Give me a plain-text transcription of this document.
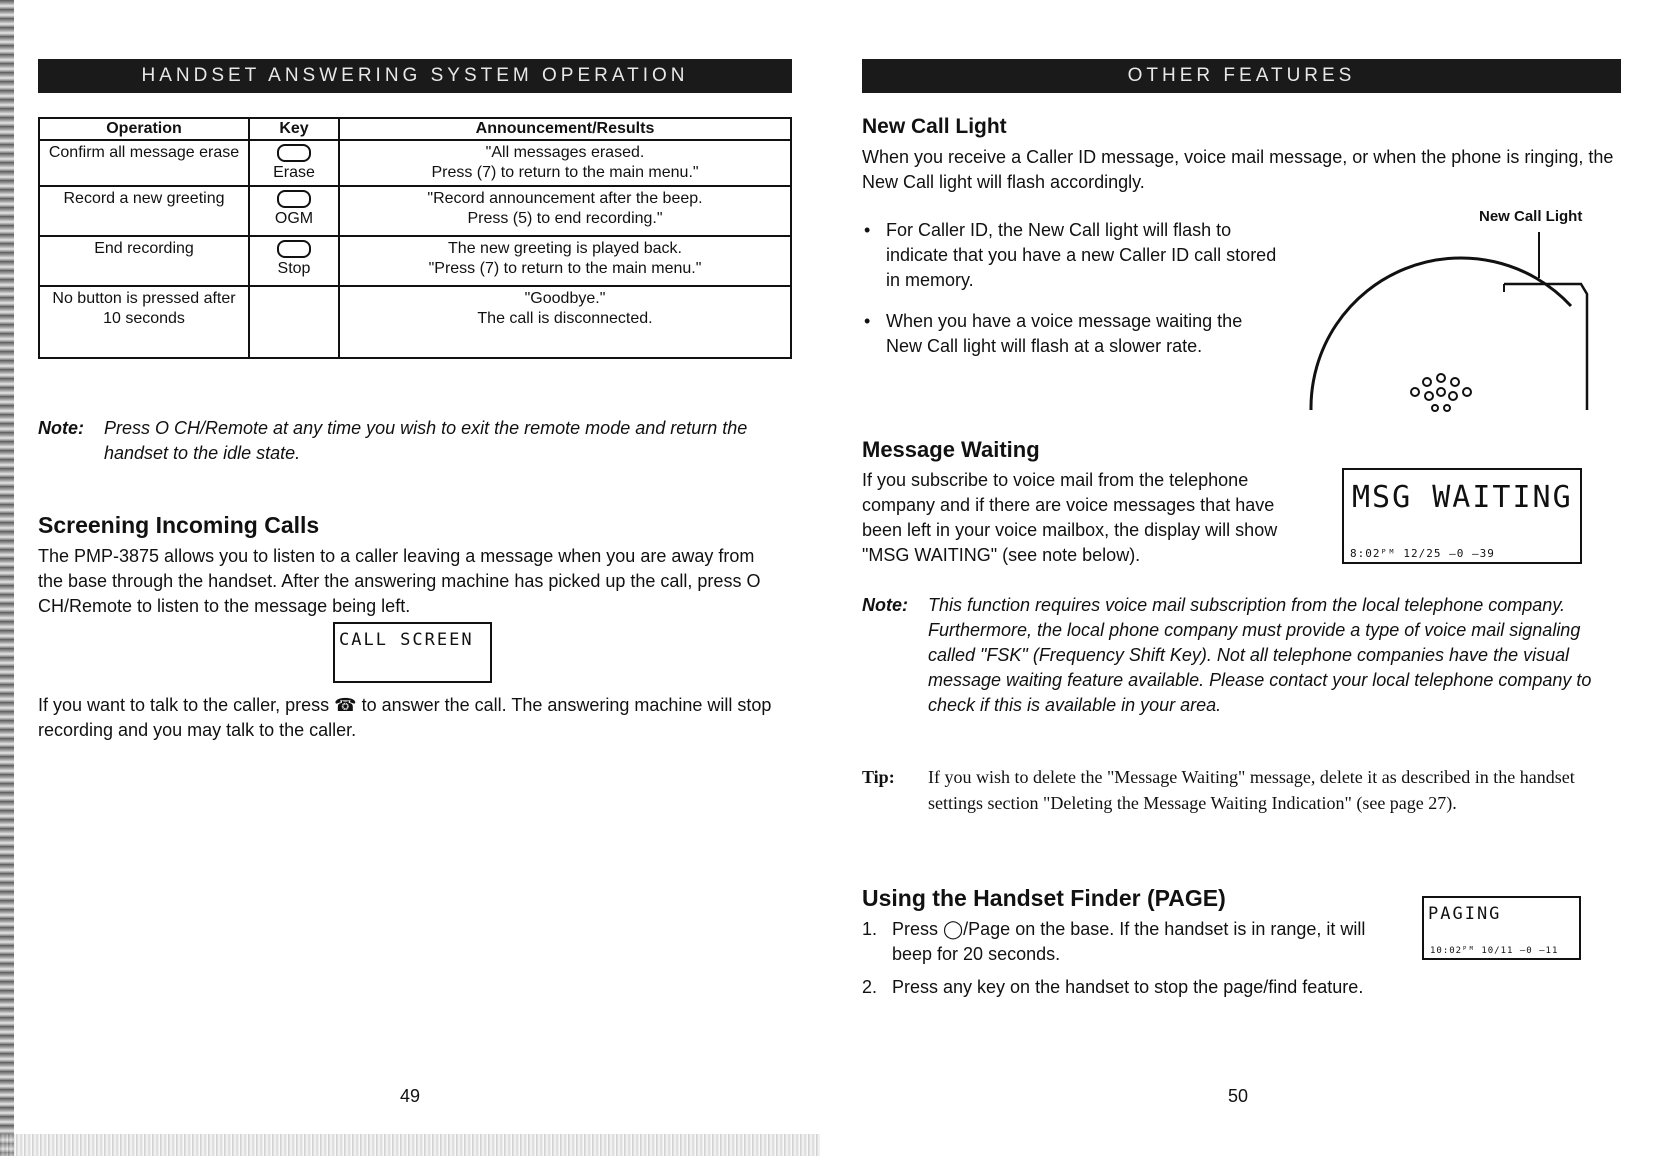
HANDSET ANSWERING SYSTEM OPERATION
Operation	Key	Announcement/Results
Confirm all message erase	Erase	"All messages erased.
Press (7) to return to the main menu."

Record a new greeting	OGM	"Record announcement after the beep.
Press (5) to end recording."

End recording	Stop	The new greeting is played back.
"Press (7) to return to the main menu."

No button is pressed after 10 seconds		"Goodbye."
The call is disconnected.
Note: Press O CH/Remote at any time you wish to exit the remote mode and return the handset to the idle state.
Screening Incoming Calls
The PMP-3875 allows you to listen to a caller leaving a message when you are away from the base through the handset. After the answering machine has picked up the call, press O CH/Remote to listen to the message being left.
CALL SCREEN
If you want to talk to the caller, press ☎ to answer the call. The answering machine will stop recording and you may talk to the caller.
49
OTHER FEATURES
New Call Light
When you receive a Caller ID message, voice mail message, or when the phone is ringing, the New Call light will flash accordingly.
• For Caller ID, the New Call light will flash to indicate that you have a new Caller ID call stored in memory.
• When you have a voice message waiting the New Call light will flash at a slower rate.
New Call Light
Message Waiting
If you subscribe to voice mail from the telephone company and if there are voice messages that have been left in your voice mailbox, the display will show "MSG WAITING" (see note below).
MSG WAITING
8:02ᴾᴹ 12/25 ⁠–0 ⁠–39
Note: This function requires voice mail subscription from the local telephone company. Furthermore, the local phone company must provide a type of voice mail signaling called "FSK" (Frequency Shift Key). Not all telephone companies have the visual message waiting feature available. Please contact your local telephone company to check if this is available in your area.
Tip: If you wish to delete the "Message Waiting" message, delete it as described in the handset settings section "Deleting the Message Waiting Indication" (see page 27).
Using the Handset Finder (PAGE)
1. Press ◯/Page on the base. If the handset is in range, it will beep for 20 seconds.
2. Press any key on the handset to stop the page/find feature.
PAGING
10:02ᴾᴹ 10/11 –0 –11
50
